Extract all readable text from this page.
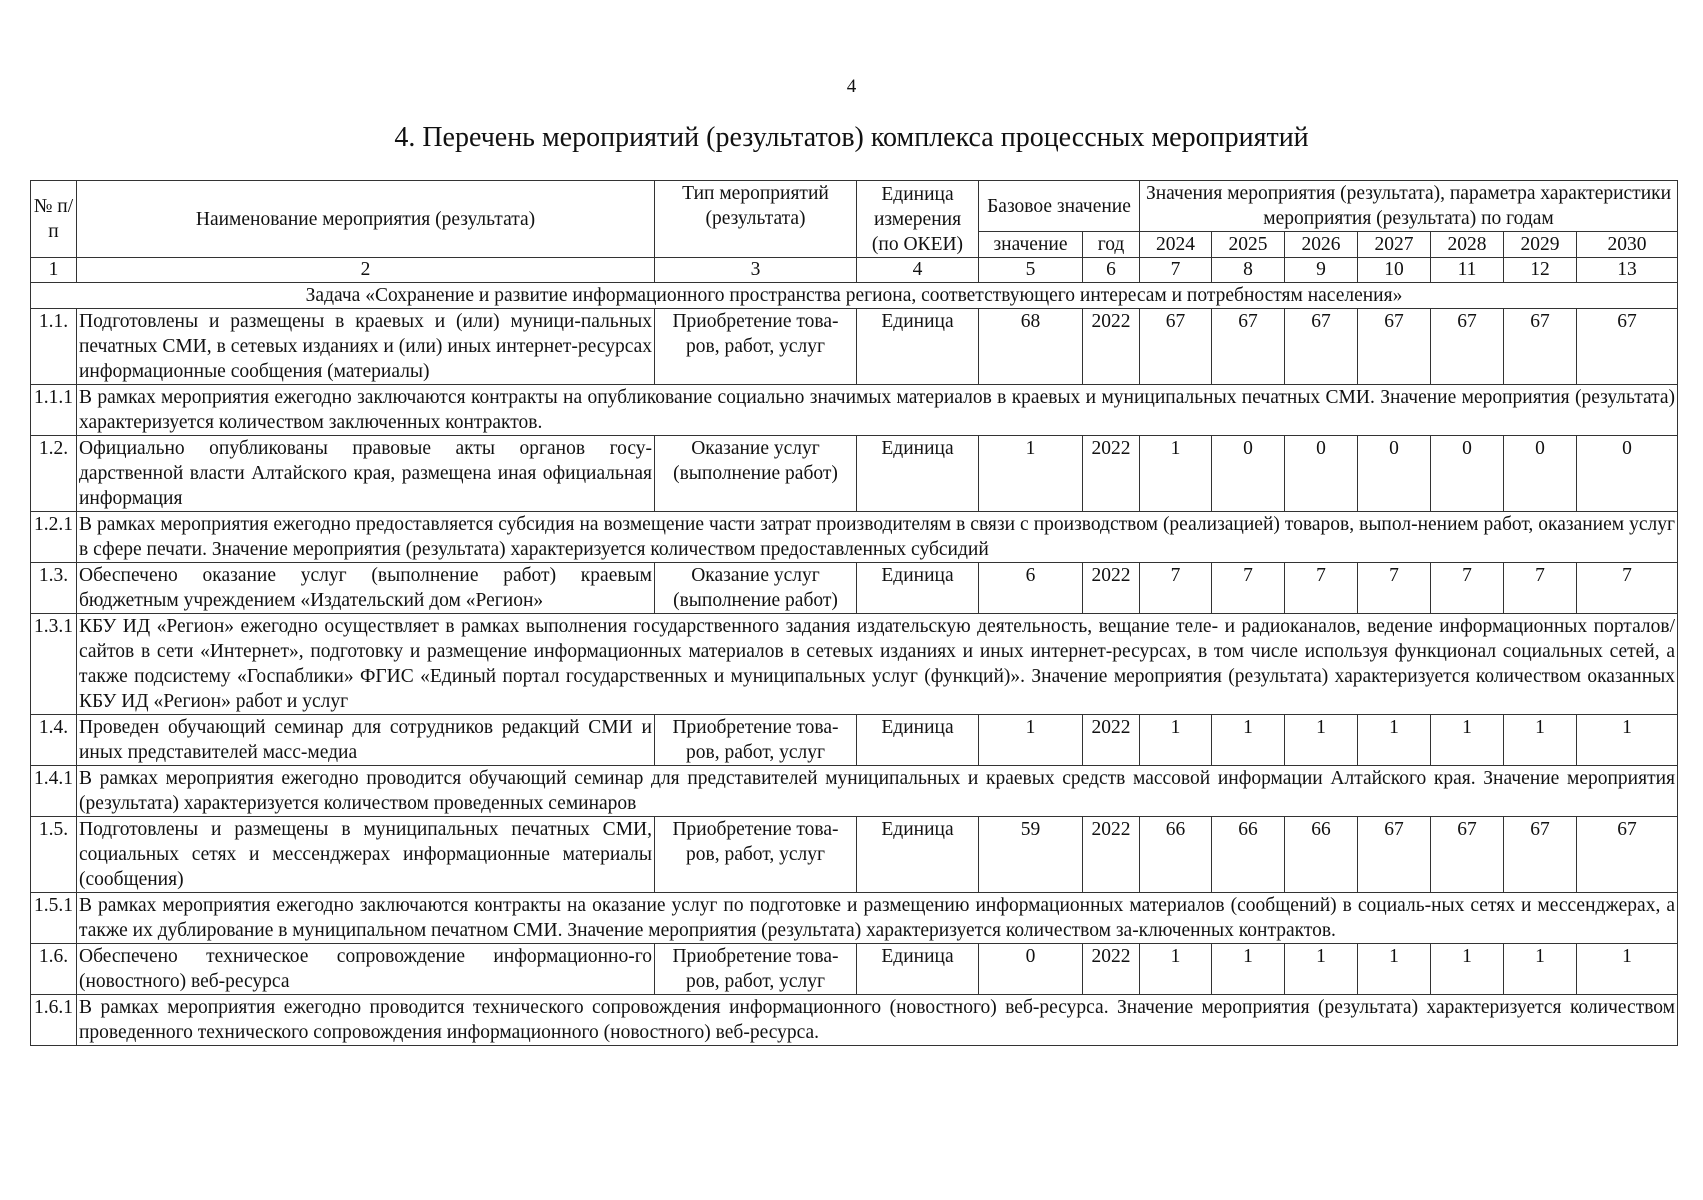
4
4. Перечень мероприятий (результатов) комплекса процессных мероприятий
№ п/п	Наименование мероприятия (результата)	Тип мероприятий (результата)	Единица измерения (по ОКЕИ)	Базовое значение		Значения мероприятия (результата), параметра характеристики мероприятия (результата) по годам						
				значение	год	2024	2025	2026	2027	2028	2029	2030
1	2	3	4	5	6	7	8	9	10	11	12	13
Задача «Сохранение и развитие информационного пространства региона, соответствующего интересам и потребностям населения»												
1.1.	Подготовлены и размещены в краевых и (или) муници-пальных печатных СМИ, в сетевых изданиях и (или) иных интернет-ресурсах информационные сообщения (материалы)	Приобретение това-ров, работ, услуг	Единица	68	2022	67	67	67	67	67	67	67
1.1.1	В рамках мероприятия ежегодно заключаются контракты на опубликование социально значимых материалов в краевых и муниципальных печатных СМИ. Значение мероприятия (результата) характеризуется количеством заключенных контрактов.											
1.2.	Официально опубликованы правовые акты органов госу-дарственной власти Алтайского края, размещена иная официальная информация	Оказание услуг (выполнение работ)	Единица	1	2022	1	0	0	0	0	0	0
1.2.1	В рамках мероприятия ежегодно предоставляется субсидия на возмещение части затрат производителям в связи с производством (реализацией) товаров, выпол-нением работ, оказанием услуг в сфере печати. Значение мероприятия (результата) характеризуется количеством предоставленных субсидий											
1.3.	Обеспечено оказание услуг (выполнение работ) краевым бюджетным учреждением «Издательский дом «Регион»	Оказание услуг (выполнение работ)	Единица	6	2022	7	7	7	7	7	7	7
1.3.1	КБУ ИД «Регион» ежегодно осуществляет в рамках выполнения государственного задания издательскую деятельность, вещание теле- и радиоканалов, ведение информационных порталов/сайтов в сети «Интернет», подготовку и размещение информационных материалов в сетевых изданиях и иных интернет-ресурсах, в том числе используя функционал социальных сетей, а также подсистему «Госпаблики» ФГИС «Единый портал государственных и муниципальных услуг (функций)». Значение мероприятия (результата) характеризуется количеством оказанных КБУ ИД «Регион» работ и услуг											
1.4.	Проведен обучающий семинар для сотрудников редакций СМИ и иных представителей масс-медиа	Приобретение това-ров, работ, услуг	Единица	1	2022	1	1	1	1	1	1	1
1.4.1	В рамках мероприятия ежегодно проводится обучающий семинар для представителей муниципальных и краевых средств массовой информации Алтайского края. Значение мероприятия (результата) характеризуется количеством проведенных семинаров											
1.5.	Подготовлены и размещены в муниципальных печатных СМИ, социальных сетях и мессенджерах информационные материалы (сообщения)	Приобретение това-ров, работ, услуг	Единица	59	2022	66	66	66	67	67	67	67
1.5.1	В рамках мероприятия ежегодно заключаются контракты на оказание услуг по подготовке и размещению информационных материалов (сообщений) в социаль-ных сетях и мессенджерах, а также их дублирование в муниципальном печатном СМИ. Значение мероприятия (результата) характеризуется количеством за-ключенных контрактов.											
1.6.	Обеспечено техническое сопровождение информационно-го (новостного) веб-ресурса	Приобретение това-ров, работ, услуг	Единица	0	2022	1	1	1	1	1	1	1
1.6.1	В рамках мероприятия ежегодно проводится технического сопровождения информационного (новостного) веб-ресурса. Значение мероприятия (результата) характеризуется количеством проведенного технического сопровождения информационного (новостного) веб-ресурса.											
